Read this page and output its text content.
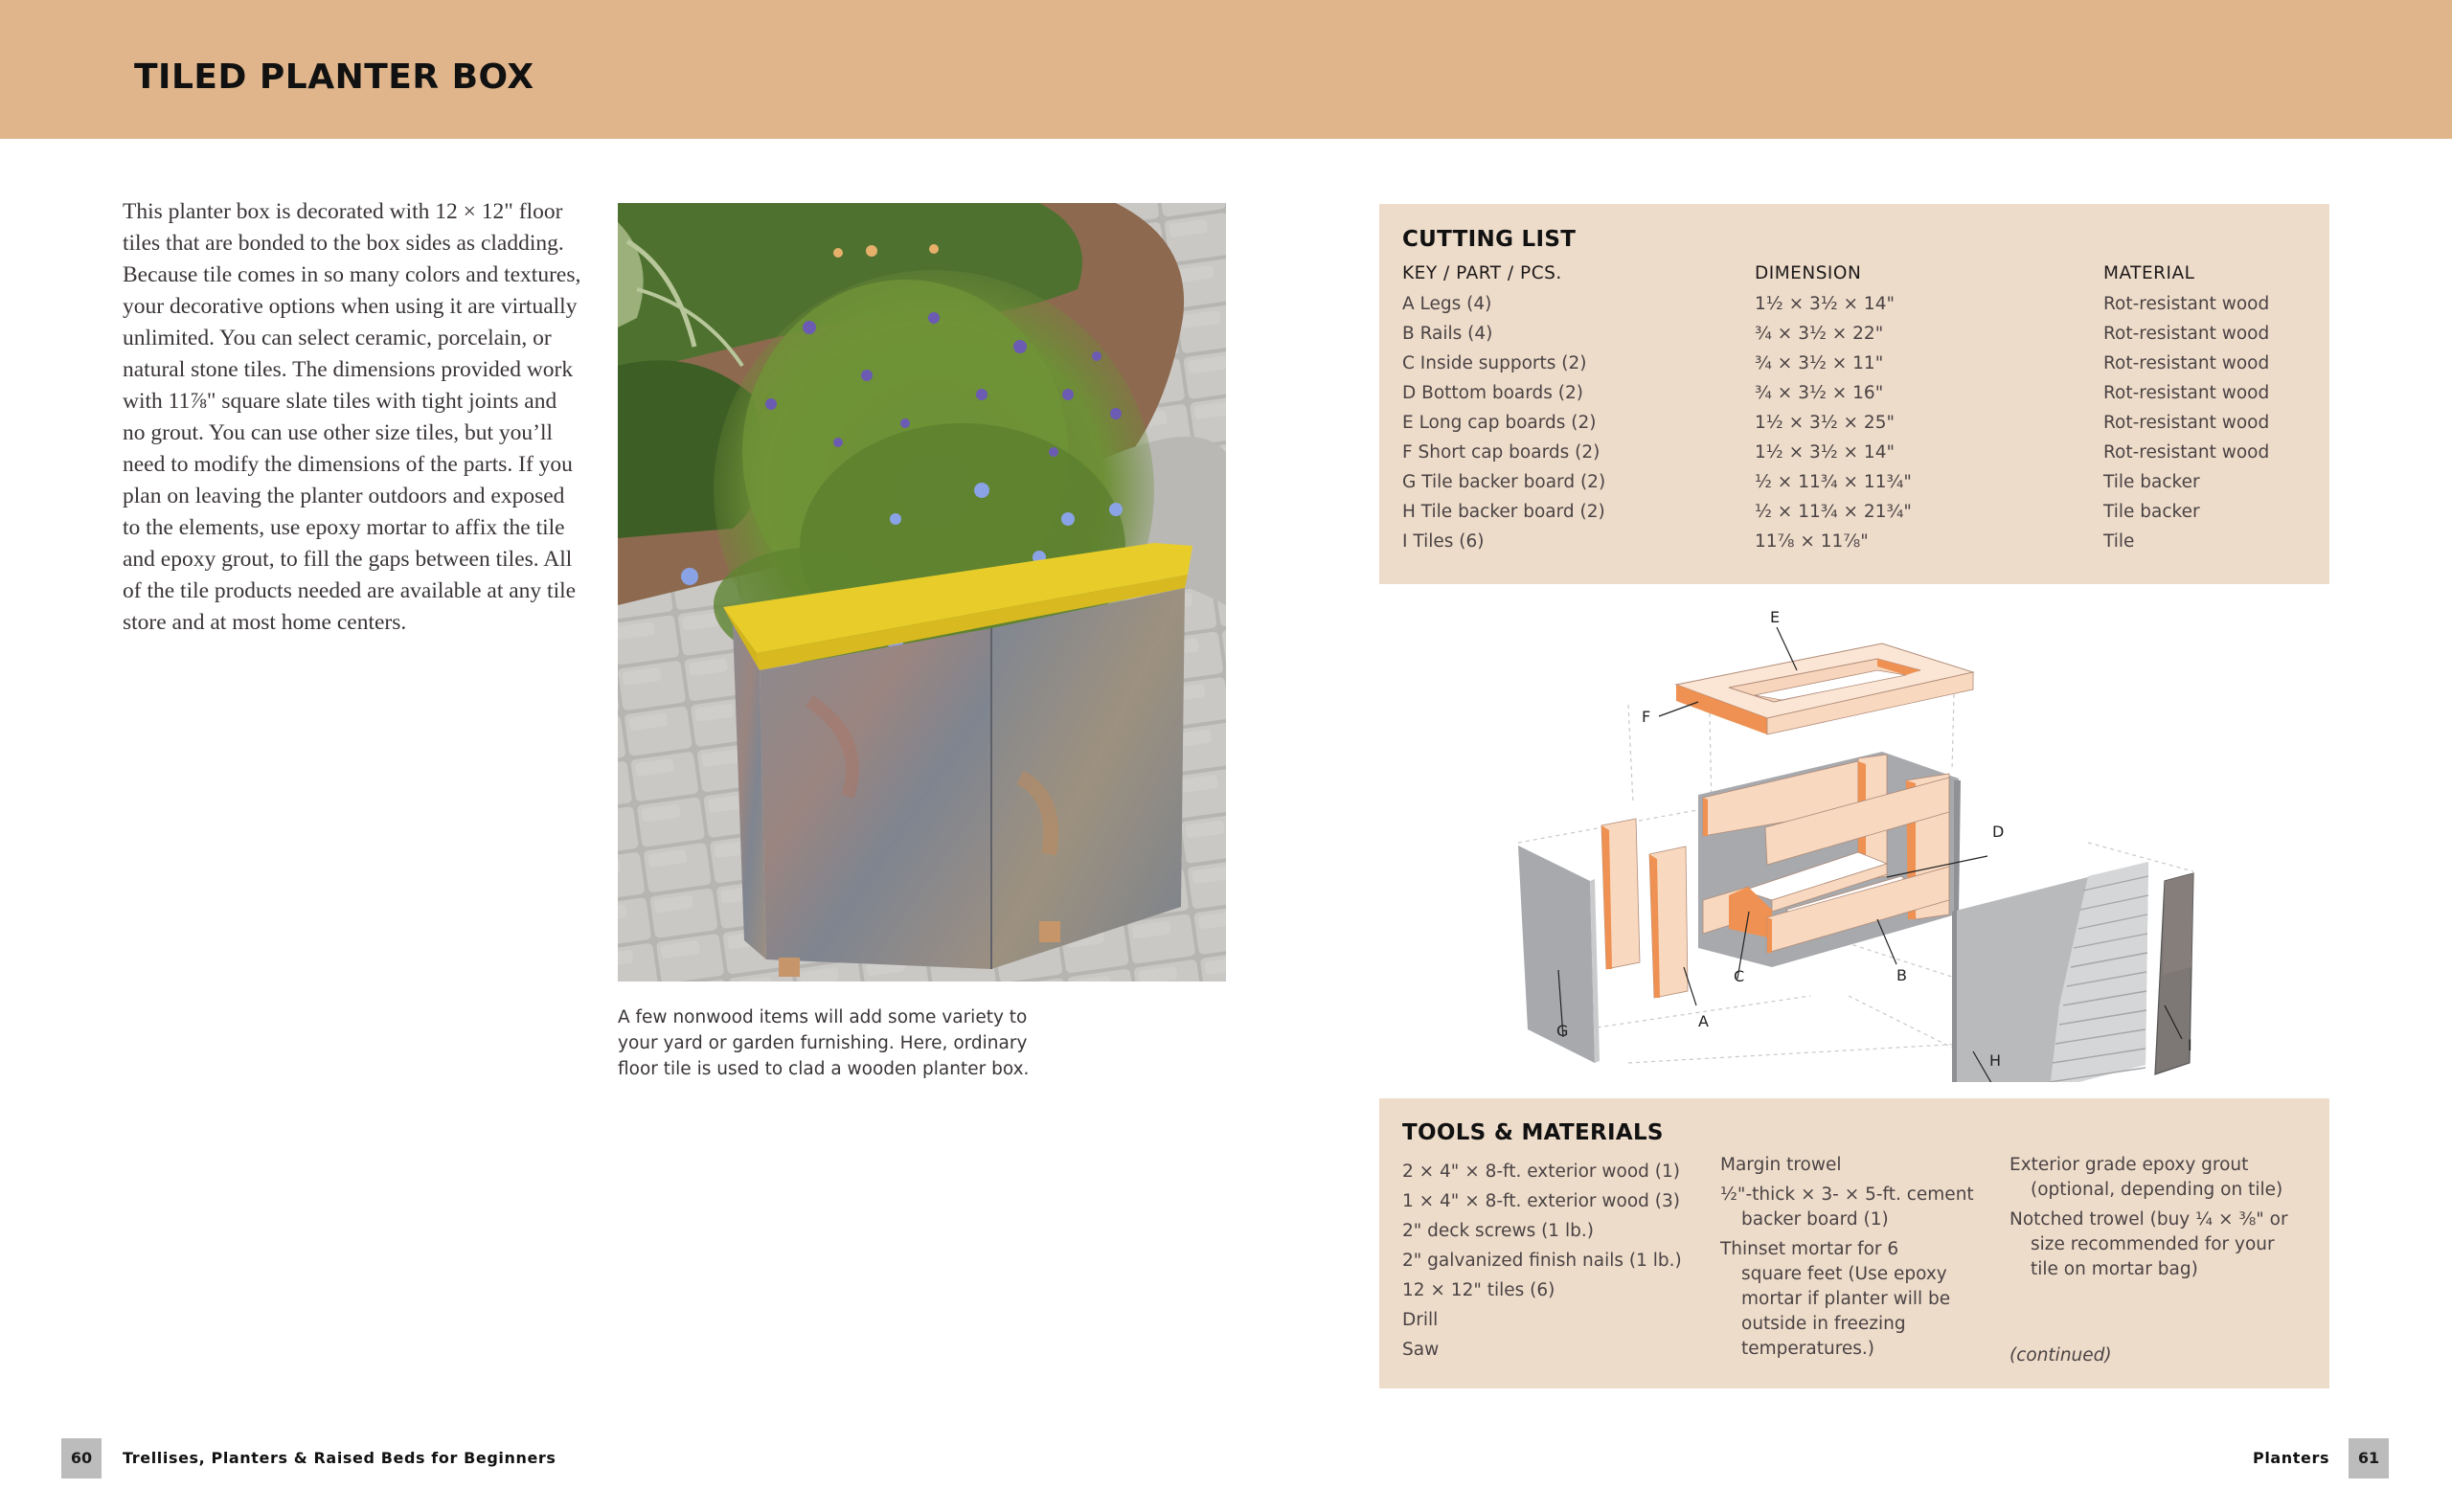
TILED PLANTER BOX
This planter box is decorated with 12 × 12" floor
tiles that are bonded to the box sides as cladding.
Because tile comes in so many colors and textures,
your decorative options when using it are virtually
unlimited. You can select ceramic, porcelain, or
natural stone tiles. The dimensions provided work
with 11⅞" square slate tiles with tight joints and
no grout. You can use other size tiles, but you’ll
need to modify the dimensions of the parts. If you
plan on leaving the planter outdoors and exposed
to the elements, use epoxy mortar to affix the tile
and epoxy grout, to fill the gaps between tiles. All
of the tile products needed are available at any tile
store and at most home centers.
A few nonwood items will add some variety to
your yard or garden furnishing. Here, ordinary
floor tile is used to clad a wooden planter box.
CUTTING LIST
KEY / PART / PCS.	DIMENSION	MATERIAL
A Legs (4)	1½ × 3½ × 14"	Rot-resistant wood
B Rails (4)	¾ × 3½ × 22"	Rot-resistant wood
C Inside supports (2)	¾ × 3½ × 11"	Rot-resistant wood
D Bottom boards (2)	¾ × 3½ × 16"	Rot-resistant wood
E Long cap boards (2)	1½ × 3½ × 25"	Rot-resistant wood
F Short cap boards (2)	1½ × 3½ × 14"	Rot-resistant wood
G Tile backer board (2)	½ × 11¾ × 11¾"	Tile backer
H Tile backer board (2)	½ × 11¾ × 21¾"	Tile backer
I Tiles (6)	11⅞ × 11⅞"	Tile
E
F
D
B
C
G
A
H
I
TOOLS & MATERIALS
2 × 4" × 8-ft. exterior wood (1)
1 × 4" × 8-ft. exterior wood (3)
2" deck screws (1 lb.)
2" galvanized finish nails (1 lb.)
12 × 12" tiles (6)
Drill
Saw
Margin trowel
½"-thick × 3- × 5-ft. cement
backer board (1)
Thinset mortar for 6
square feet (Use epoxy
mortar if planter will be
outside in freezing
temperatures.)
Exterior grade epoxy grout
(optional, depending on tile)
Notched trowel (buy ¼ × ⅜" or
size recommended for your
tile on mortar bag)
(continued)
60	Trellises, Planters & Raised Beds for Beginners	Planters	61
